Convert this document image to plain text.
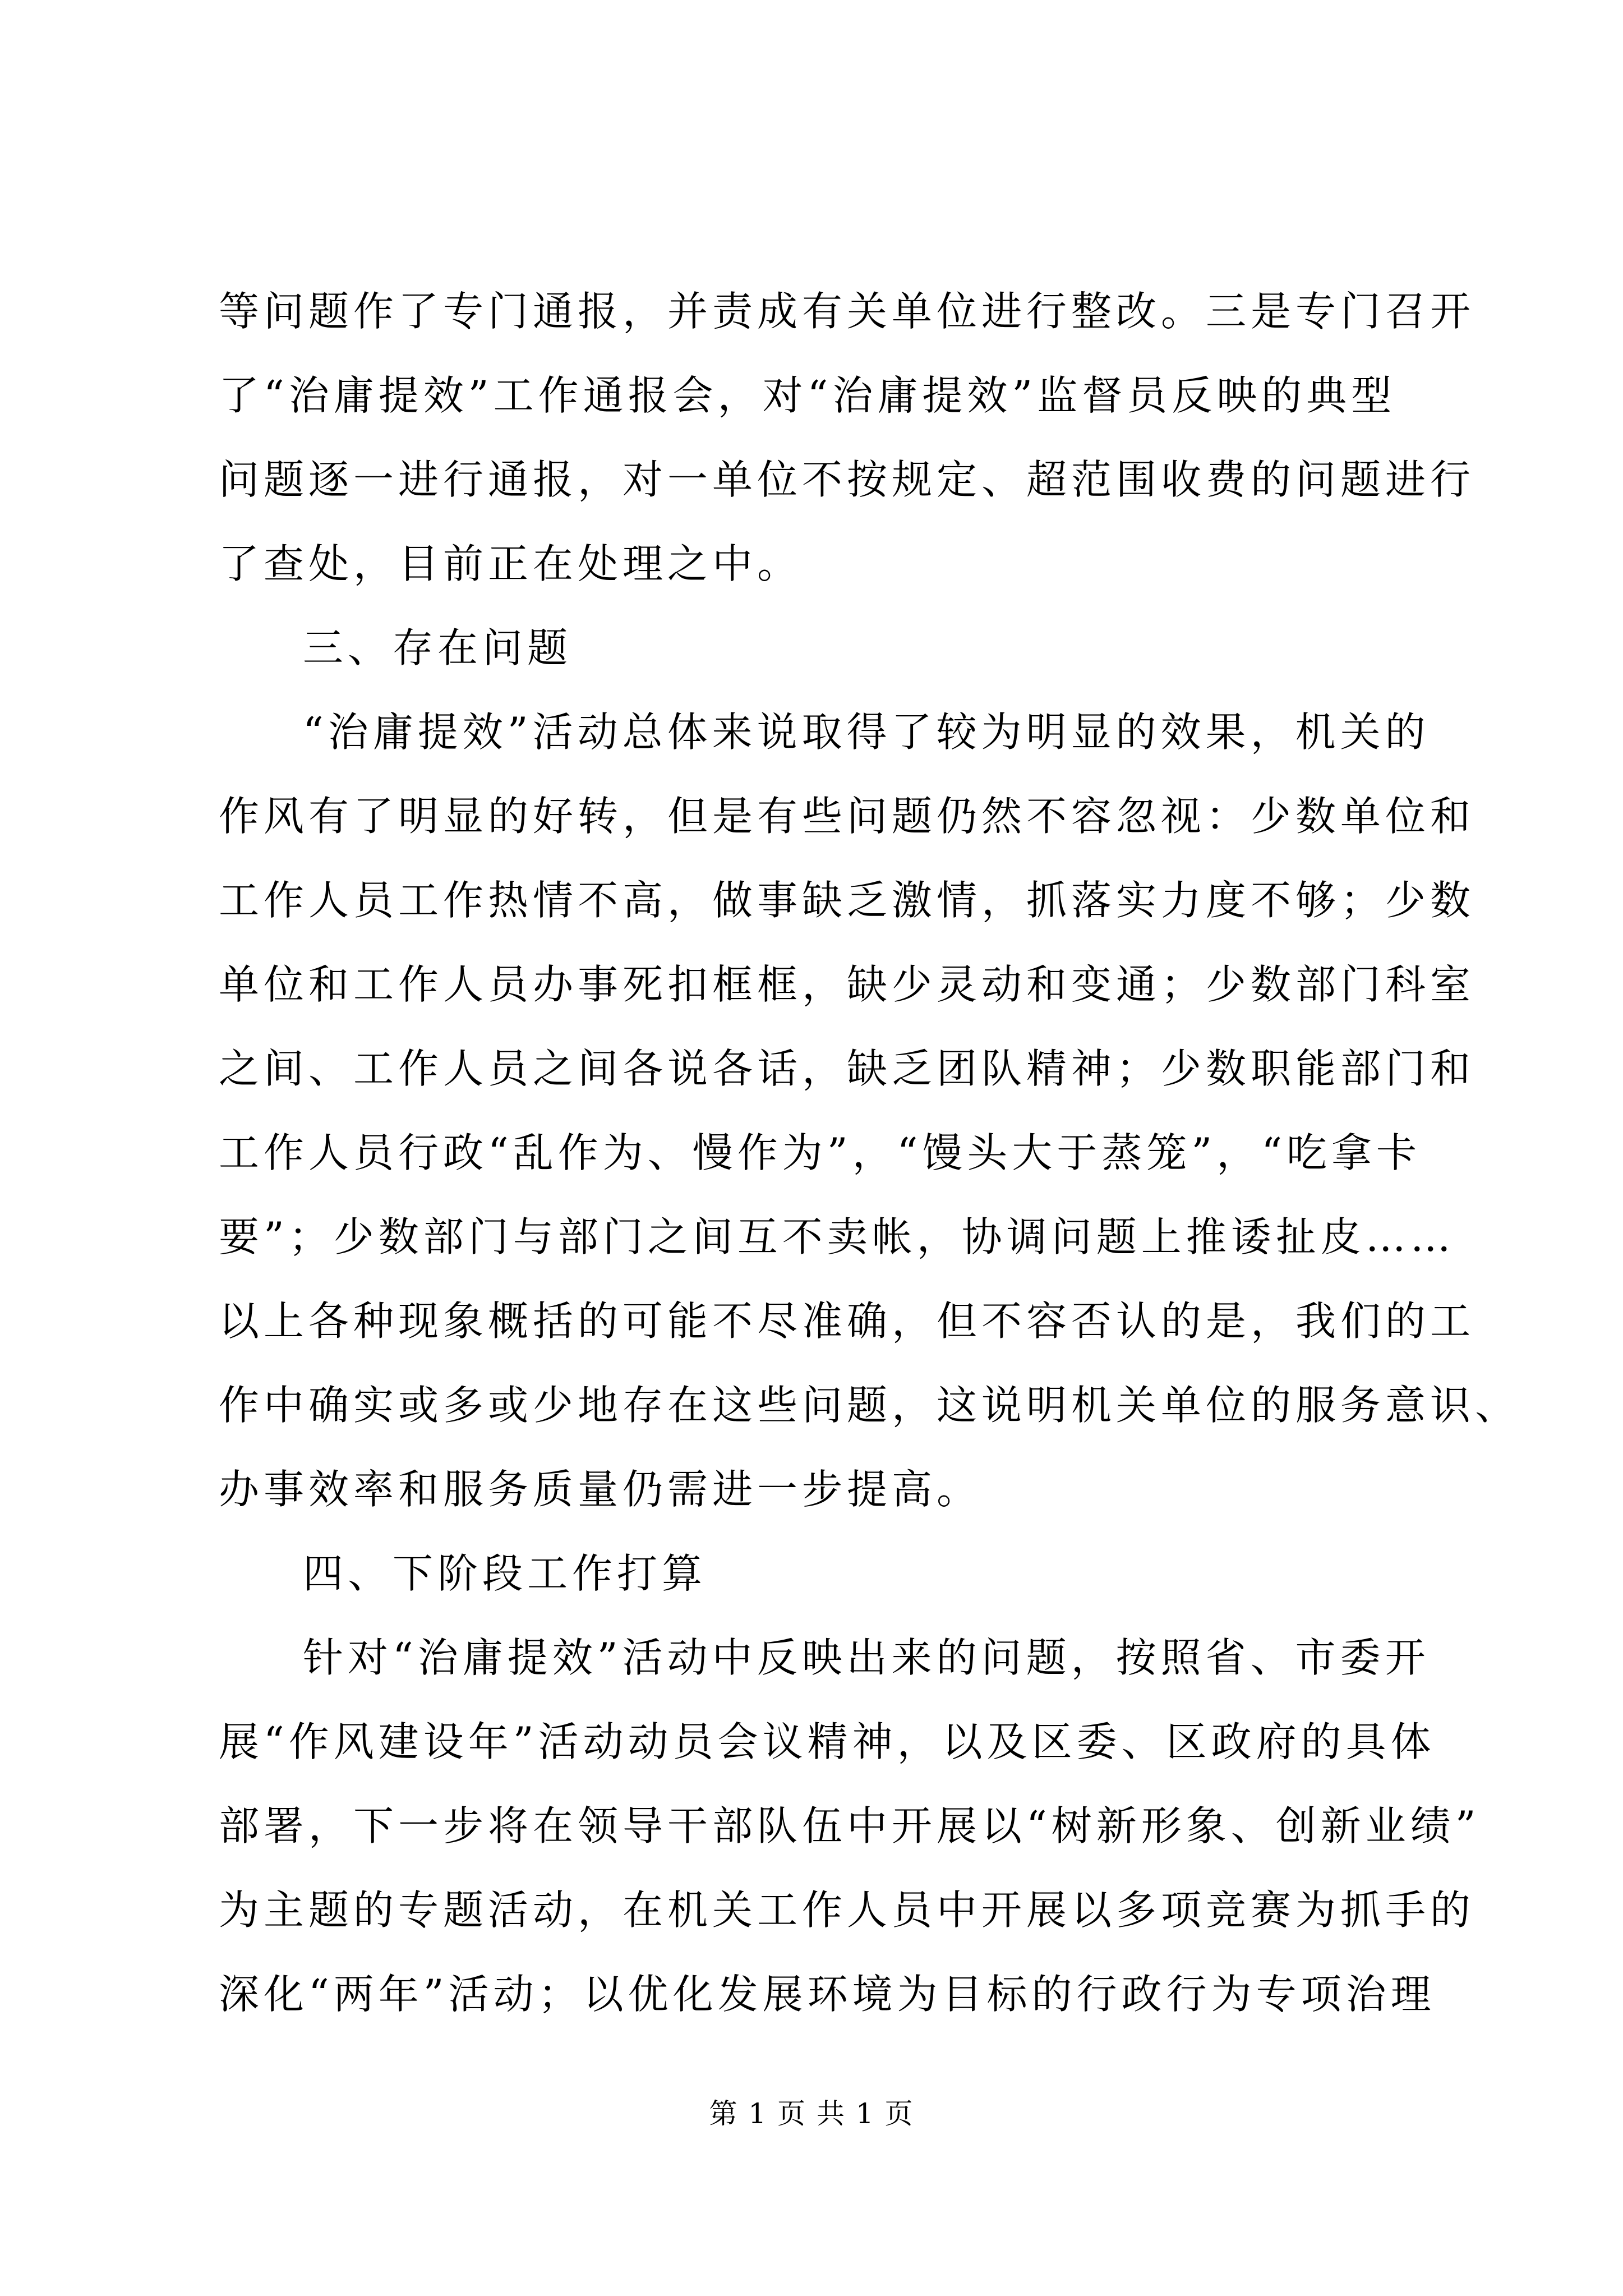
等问题作了专门通报，并责成有关单位进行整改。三是专门召开
了“治庸提效”工作通报会，对“治庸提效”监督员反映的典型
问题逐一进行通报，对一单位不按规定、超范围收费的问题进行
了查处，目前正在处理之中。
三、存在问题
“治庸提效”活动总体来说取得了较为明显的效果，机关的
作风有了明显的好转，但是有些问题仍然不容忽视：少数单位和
工作人员工作热情不高，做事缺乏激情，抓落实力度不够；少数
单位和工作人员办事死扣框框，缺少灵动和变通；少数部门科室
之间、工作人员之间各说各话，缺乏团队精神；少数职能部门和
工作人员行政“乱作为、慢作为”，“馒头大于蒸笼”，“吃拿卡
要”；少数部门与部门之间互不卖帐，协调问题上推诿扯皮……
以上各种现象概括的可能不尽准确，但不容否认的是，我们的工
作中确实或多或少地存在这些问题，这说明机关单位的服务意识、
办事效率和服务质量仍需进一步提高。
四、下阶段工作打算
针对“治庸提效”活动中反映出来的问题，按照省、市委开
展“作风建设年”活动动员会议精神，以及区委、区政府的具体
部署，下一步将在领导干部队伍中开展以“树新形象、创新业绩”
为主题的专题活动，在机关工作人员中开展以多项竞赛为抓手的
深化“两年”活动；以优化发展环境为目标的行政行为专项治理
第 1 页 共 1 页
